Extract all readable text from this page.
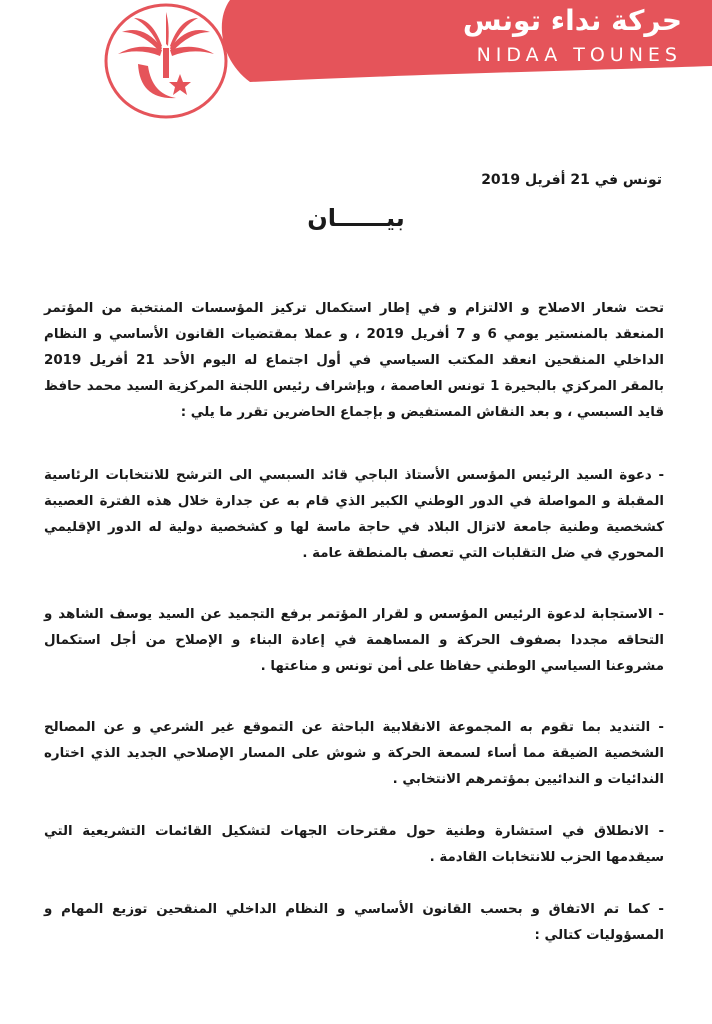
حركة نداء تونس
NIDAA TOUNES
تونس في 21 أفريل 2019
بيــــــان

تحت شعار الاصلاح و الالتزام و في إطار استكمال تركيز المؤسسات المنتخبة من المؤتمر المنعقد بالمنستير يومي 6 و 7 أفريل 2019 ، و عملا بمقتضيات القانون الأساسي و النظام الداخلي المنقحين انعقد المكتب السياسي في أول اجتماع له اليوم الأحد 21 أفريل 2019 بالمقر المركزي بالبحيرة 1 تونس العاصمة ، وبإشراف رئيس اللجنة المركزية السيد محمد حافظ قايد السبسي ، و بعد النقاش المستفيض و بإجماع الحاضرين تقرر ما يلي :

- دعوة السيد الرئيس المؤسس الأستاذ الباجي قائد السبسي الى الترشح للانتخابات الرئاسية المقبلة و المواصلة في الدور الوطني الكبير الذي قام به عن جدارة خلال هذه الفترة العصيبة كشخصية وطنية جامعة لاتزال البلاد في حاجة ماسة لها و كشخصية دولية له الدور الإقليمي المحوري في ضل التقلبات التي تعصف بالمنطقة عامة .

- الاستجابة لدعوة الرئيس المؤسس و لقرار المؤتمر برفع التجميد عن السيد يوسف الشاهد و التحاقه مجددا بصفوف الحركة و المساهمة في إعادة البناء و الإصلاح من أجل استكمال مشروعنا السياسي الوطني حفاظا على أمن تونس و مناعتها .

- التنديد بما تقوم به المجموعة الانقلابية الباحثة عن التموقع غير الشرعي و عن المصالح الشخصية الضيقة مما أساء لسمعة الحركة و شوش على المسار الإصلاحي الجديد الذي اختاره الندائيات و الندائيين بمؤتمرهم الانتخابي .

- الانطلاق في استشارة وطنية حول مقترحات الجهات لتشكيل القائمات التشريعية التي سيقدمها الحزب للانتخابات القادمة .

- كما تم الاتفاق و بحسب القانون الأساسي و النظام الداخلي المنقحين توزيع المهام و المسؤوليات كتالي :
